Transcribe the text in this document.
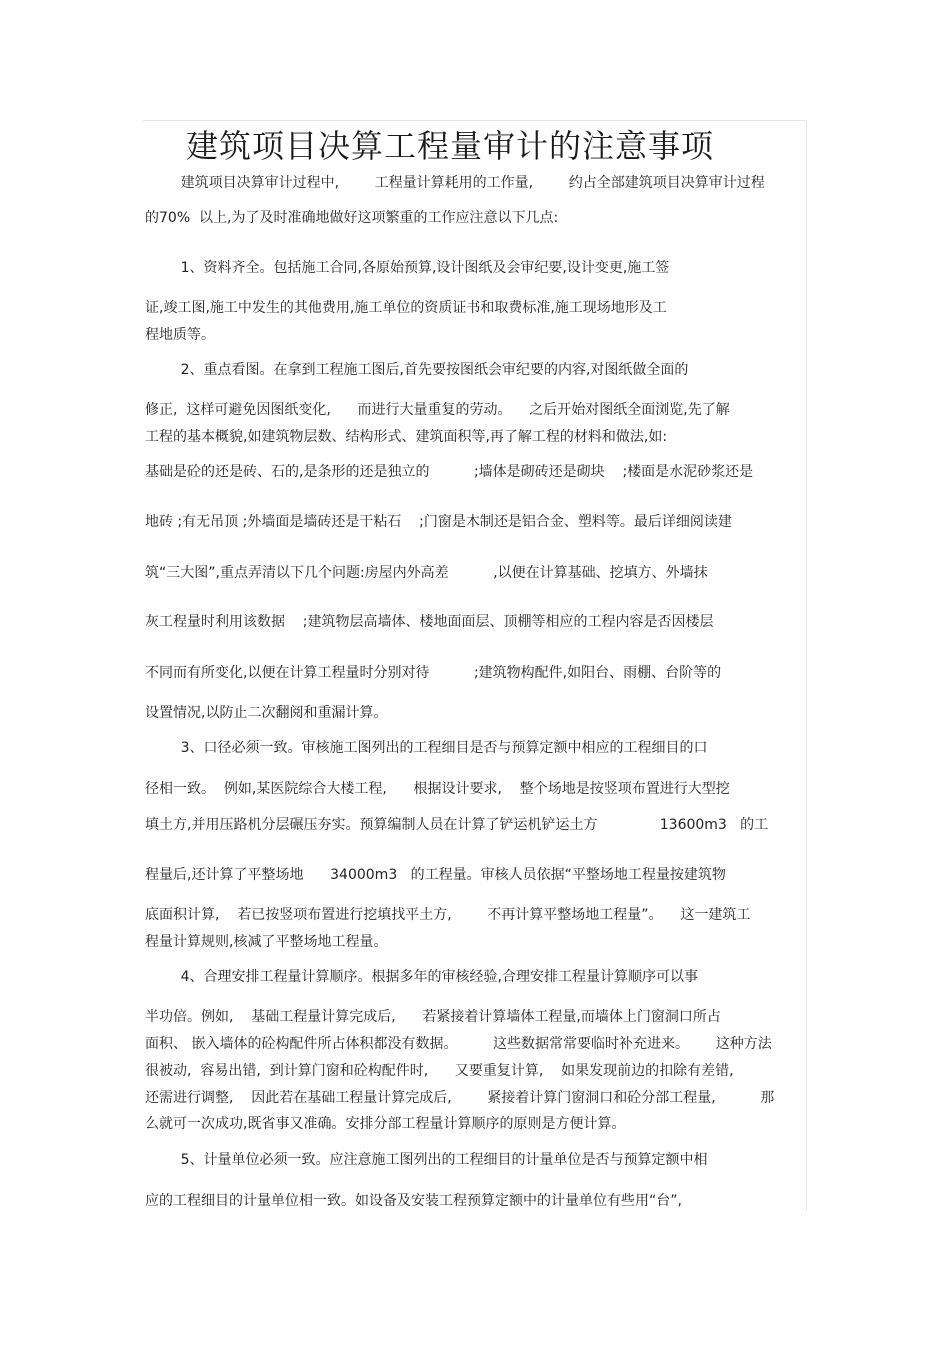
建筑项目决算工程量审计的注意事项
建筑项目决算审计过程中,        工程量计算耗用的工作量,        约占全部建筑项目决算审计过程
的70%  以上,为了及时准确地做好这项繁重的工作应注意以下几点:
1、资料齐全。包括施工合同,各原始预算,设计图纸及会审纪要,设计变更,施工签
证,竣工图,施工中发生的其他费用,施工单位的资质证书和取费标准,施工现场地形及工
程地质等。
2、重点看图。在拿到工程施工图后,首先要按图纸会审纪要的内容,对图纸做全面的
修正,  这样可避免因图纸变化,      而进行大量重复的劳动。    之后开始对图纸全面浏览,先了解
工程的基本概貌,如建筑物层数、结构形式、建筑面积等,再了解工程的材料和做法,如:
基础是砼的还是砖、石的,是条形的还是独立的          ;墙体是砌砖还是砌块    ;楼面是水泥砂浆还是
地砖 ;有无吊顶 ;外墙面是墙砖还是干粘石    ;门窗是木制还是铝合金、塑料等。最后详细阅读建
筑“三大图”,重点弄清以下几个问题:房屋内外高差          ,以便在计算基础、挖填方、外墙抹
灰工程量时利用该数据    ;建筑物层高墙体、楼地面面层、顶棚等相应的工程内容是否因楼层
不同而有所变化,以便在计算工程量时分别对待          ;建筑物构配件,如阳台、雨棚、台阶等的
设置情况,以防止二次翻阅和重漏计算。
3、口径必须一致。审核施工图列出的工程细目是否与预算定额中相应的工程细目的口
径相一致。  例如,某医院综合大楼工程,      根据设计要求,    整个场地是按竖项布置进行大型挖
填土方,并用压路机分层碾压夯实。预算编制人员在计算了铲运机铲运土方              13600m3   的工
程量后,还计算了平整场地      34000m3   的工程量。审核人员依据“平整场地工程量按建筑物
底面积计算,    若已按竖项布置进行挖填找平土方,        不再计算平整场地工程量”。    这一建筑工
程量计算规则,核减了平整场地工程量。
4、合理安排工程量计算顺序。根据多年的审核经验,合理安排工程量计算顺序可以事
半功倍。例如,    基础工程量计算完成后,      若紧接着计算墙体工程量,而墙体上门窗洞口所占
面积、 嵌入墙体的砼构配件所占体积都没有数据。        这些数据常常要临时补充进来。      这种方法
很被动,  容易出错,  到计算门窗和砼构配件时,      又要重复计算,    如果发现前边的扣除有差错,
还需进行调整,    因此若在基础工程量计算完成后,        紧接着计算门窗洞口和砼分部工程量,          那
么就可一次成功,既省事又准确。安排分部工程量计算顺序的原则是方便计算。
5、计量单位必须一致。应注意施工图列出的工程细目的计量单位是否与预算定额中相
应的工程细目的计量单位相一致。如设备及安装工程预算定额中的计量单位有些用“台”,
